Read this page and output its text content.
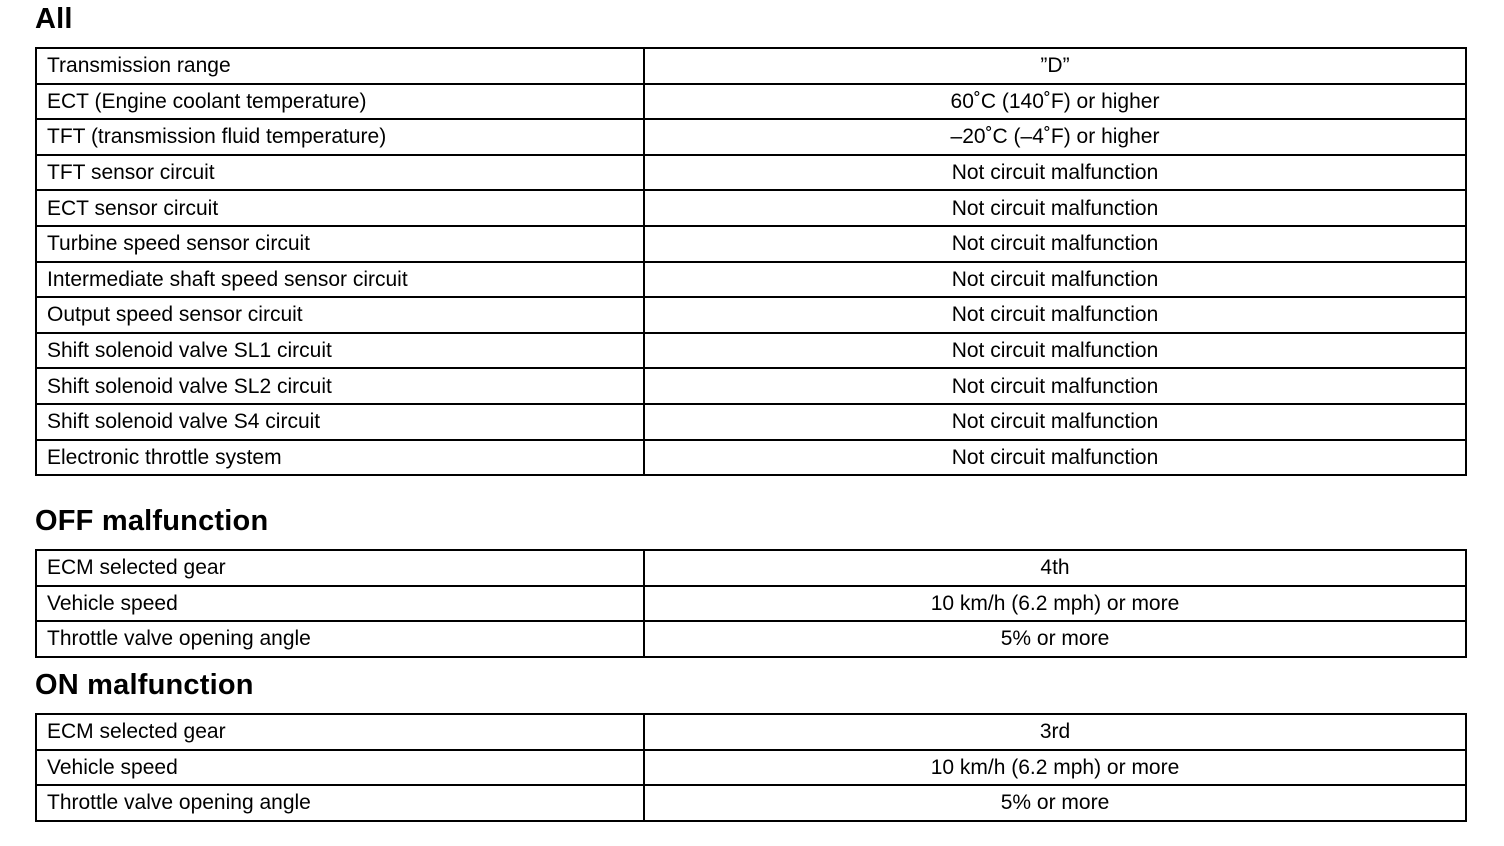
All
Transmission range	”D”
ECT (Engine coolant temperature)	60˚C (140˚F) or higher
TFT (transmission fluid temperature)	–20˚C (–4˚F) or higher
TFT sensor circuit	Not circuit malfunction
ECT sensor circuit	Not circuit malfunction
Turbine speed sensor circuit	Not circuit malfunction
Intermediate shaft speed sensor circuit	Not circuit malfunction
Output speed sensor circuit	Not circuit malfunction
Shift solenoid valve SL1 circuit	Not circuit malfunction
Shift solenoid valve SL2 circuit	Not circuit malfunction
Shift solenoid valve S4 circuit	Not circuit malfunction
Electronic throttle system	Not circuit malfunction
OFF malfunction
ECM selected gear	4th
Vehicle speed	10 km/h (6.2 mph) or more
Throttle valve opening angle	5% or more
ON malfunction
ECM selected gear	3rd
Vehicle speed	10 km/h (6.2 mph) or more
Throttle valve opening angle	5% or more
